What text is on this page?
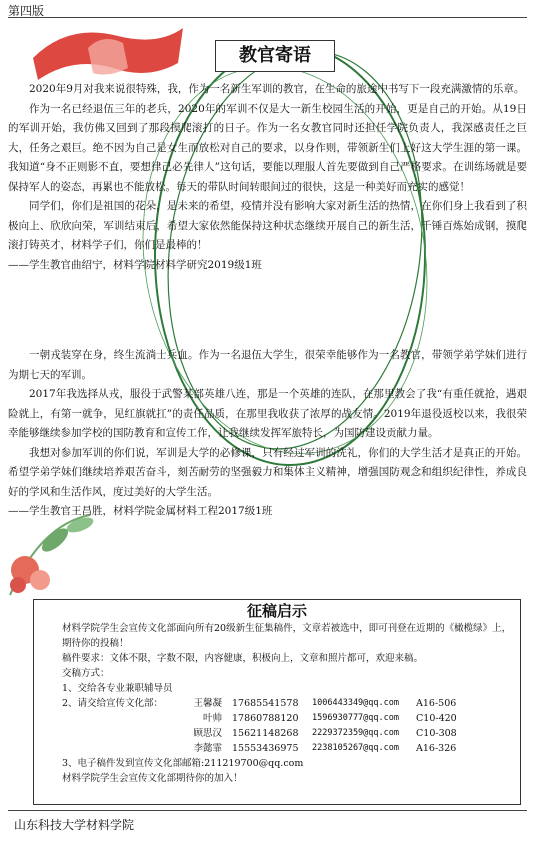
第四版
教官寄语

2020年9月对我来说很特殊，我，作为一名新生军训的教官，在生命的旅途中书写下一段充满激情的乐章。

作为一名已经退伍三年的老兵，2020年的军训不仅是大一新生校园生活的开始，更是自己的开始。从19日的军训开始，我仿佛又回到了那段摸爬滚打的日子。作为一名女教官同时还担任学院负责人，我深感责任之巨大，任务之艰巨。绝不因为自己是女生而放松对自己的要求，以身作则，带领新生们上好这大学生涯的第一课。我知道“身不正则影不直，要想律己必先律人”这句话，要能以理服人首先要做到自己严格要求。在训练场就是要保持军人的姿态，再累也不能放松。每天的带队时间转眼间过的很快，这是一种美好而充实的感觉！

同学们，你们是祖国的花朵，是未来的希望，疫情并没有影响大家对新生活的热情，在你们身上我看到了积极向上、欣欣向荣，军训结束后，希望大家依然能保持这种状态继续开展自己的新生活，千锤百炼始成钢，摸爬滚打铸英才，材料学子们，你们是最棒的！

——学生教官曲绍宁，材料学院材料学研究2019级1班

一朝戎装穿在身，终生流淌士兵血。作为一名退伍大学生，很荣幸能够作为一名教官，带领学弟学妹们进行为期七天的军训。

2017年我选择从戎，服役于武警某部英雄八连，那是一个英雄的连队，在那里教会了我“有重任就抢，遇艰险就上，有第一就争，见红旗就扛”的责任品质，在那里我收获了浓厚的战友情。2019年退役返校以来，我很荣幸能够继续参加学校的国防教育和宣传工作，让我继续发挥军旅特长，为国防建设贡献力量。

我想对参加军训的你们说，军训是大学的必修课，只有经过军训的洗礼，你们的大学生活才是真正的开始。希望学弟学妹们继续培养艰苦奋斗，刻苦耐劳的坚强毅力和集体主义精神，增强国防观念和组织纪律性，养成良好的学风和生活作风，度过美好的大学生活。

——学生教官王昌胜，材料学院金属材料工程2017级1班

征稿启示
材料学院学生会宣传文化部面向所有20级新生征集稿件，文章若被选中，即可刊登在近期的《橄榄绿》上，期待你的投稿！
稿件要求：文体不限，字数不限，内容健康，积极向上，文章和照片都可，欢迎来稿。
交稿方式：
1、交给各专业兼职辅导员
2、请交给宣传文化部：	王馨凝 17685541578	1006443349@qq.com	A16-506
叶帅 17860788120	1596930777@qq.com	C10-420
顾思汉 15621148268	2229372359@qq.com	C10-308
李懿霏 15553436975	2238105267@qq.com	A16-326
3、电子稿件发到宣传文化部邮箱:211219700@qq.com
材料学院学生会宣传文化部期待你的加入！
山东科技大学材料学院
